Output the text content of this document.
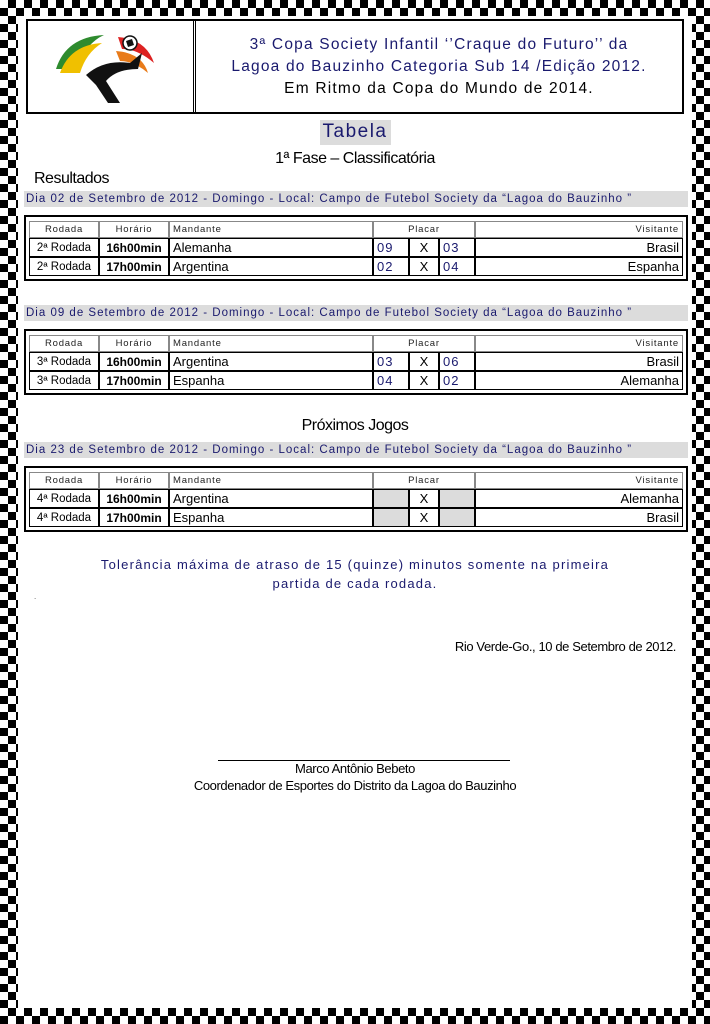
3ª Copa Society Infantil ‘’Craque do Futuro’’ da
Lagoa do Bauzinho Categoria Sub 14 /Edição 2012.
Em Ritmo da Copa do Mundo de 2014.
Tabela
1ª Fase – Classificatória
Resultados
Dia 02 de Setembro de 2012 - Domingo - Local: Campo de Futebol Society da “Lagoa do Bauzinho ”
Rodada	Horário	Mandante	Placar			Visitante
2ª Rodada	16h00min	Alemanha	09	X	03	Brasil
2ª Rodada	17h00min	Argentina	02	X	04	Espanha
Dia 09 de Setembro de 2012 - Domingo - Local: Campo de Futebol Society da “Lagoa do Bauzinho ”
Rodada	Horário	Mandante	Placar			Visitante
3ª Rodada	16h00min	Argentina	03	X	06	Brasil
3ª Rodada	17h00min	Espanha	04	X	02	Alemanha
Próximos Jogos
Dia 23 de Setembro de 2012 - Domingo - Local: Campo de Futebol Society da “Lagoa do Bauzinho ”
Rodada	Horário	Mandante	Placar			Visitante
4ª Rodada	16h00min	Argentina		X		Alemanha
4ª Rodada	17h00min	Espanha		X		Brasil
Tolerância máxima de atraso de 15 (quinze) minutos somente na primeira
partida de cada rodada.
.
Rio Verde-Go., 10 de Setembro de 2012.
Marco Antônio Bebeto
Coordenador de Esportes do Distrito da Lagoa do Bauzinho
